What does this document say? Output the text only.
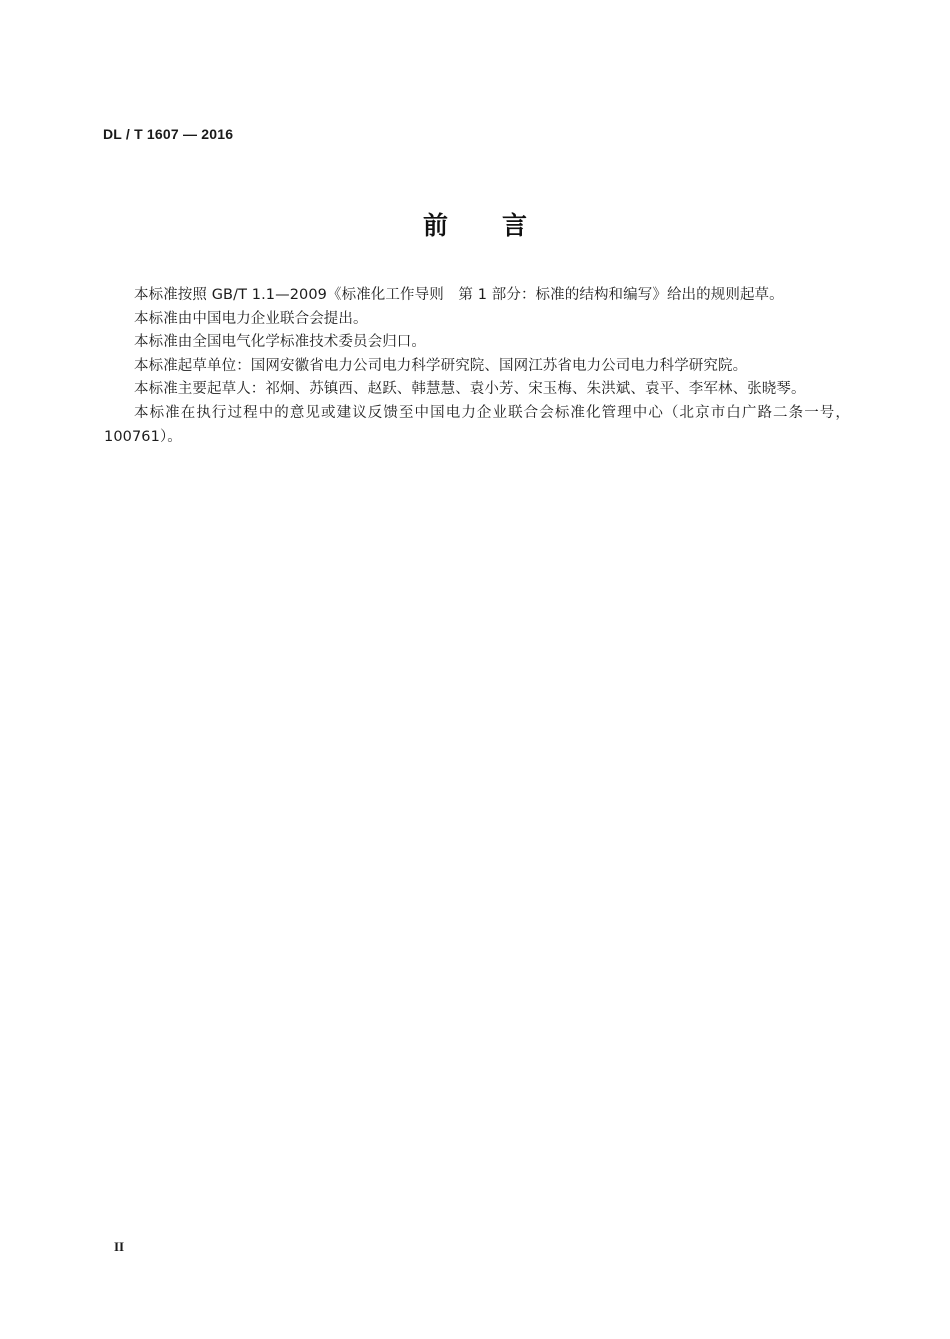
DL / T 1607 — 2016
前言

本标准按照 GB/T 1.1—2009《标准化工作导则　第 1 部分：标准的结构和编写》给出的规则起草。

本标准由中国电力企业联合会提出。

本标准由全国电气化学标准技术委员会归口。

本标准起草单位：国网安徽省电力公司电力科学研究院、国网江苏省电力公司电力科学研究院。

本标准主要起草人：祁炯、苏镇西、赵跃、韩慧慧、袁小芳、宋玉梅、朱洪斌、袁平、李军林、张晓琴。

本标准在执行过程中的意见或建议反馈至中国电力企业联合会标准化管理中心（北京市白广路二条一号，100761）。

II
